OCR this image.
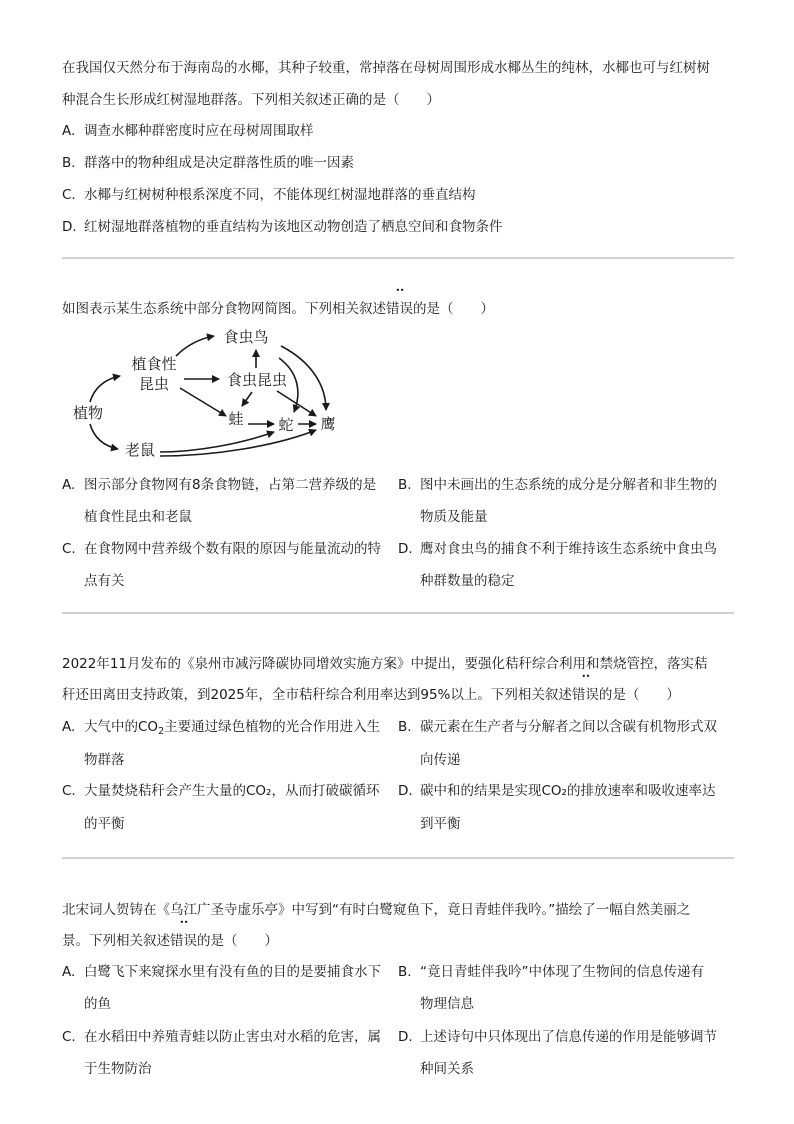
在我国仅天然分布于海南岛的水椰，其种子较重，常掉落在母树周围形成水椰丛生的纯林，水椰也可与红树树
种混合生长形成红树湿地群落。下列相关叙述正确的是（　　）
A. 调查水椰种群密度时应在母树周围取样
B. 群落中的物种组成是决定群落性质的唯一因素
C. 水椰与红树树种根系深度不同，不能体现红树湿地群落的垂直结构
D. 红树湿地群落植物的垂直结构为该地区动物创造了栖息空间和食物条件
如图表示某生态系统中部分食物网简图。下列相关叙述错误 • •的是（　　）
植物
植食性
昆虫
老鼠
食虫鸟
食虫昆虫
蛙 蛇 鹰
A. 图示部分食物网有8条食物链，占第二营养级的是
植食性昆虫和老鼠
B. 图中未画出的生态系统的成分是分解者和非生物的
物质及能量
C. 在食物网中营养级个数有限的原因与能量流动的特
点有关
D. 鹰对食虫鸟的捕食不利于维持该生态系统中食虫鸟
种群数量的稳定
2022年11月发布的《泉州市减污降碳协同增效实施方案》中提出，要强化秸秆综合利用和禁烧管控，落实秸
秆还田离田支持政策，到2025年，全市秸秆综合利用率达到95%以上。下列相关叙述错误 • •的是（　　）
A. 大气中的$CO_2$主要通过绿色植物的光合作用进入生
物群落
B. 碳元素在生产者与分解者之间以含碳有机物形式双
向传递
C. 大量焚烧秸秆会产生大量的CO₂，从而打破碳循环
的平衡
D. 碳中和的结果是实现CO₂的排放速率和吸收速率达
到平衡
北宋词人贺铸在《乌江广圣寺虚乐亭》中写到“有时白鹭窥鱼下，竟日青蛙伴我吟。”描绘了一幅自然美丽之
景。下列相关叙述错误 • •的是（　　）
A. 白鹭飞下来窥探水里有没有鱼的目的是要捕食水下
的鱼
B. “竟日青蛙伴我吟”中体现了生物间的信息传递有
物理信息
C. 在水稻田中养殖青蛙以防止害虫对水稻的危害，属
于生物防治
D. 上述诗句中只体现出了信息传递的作用是能够调节
种间关系
